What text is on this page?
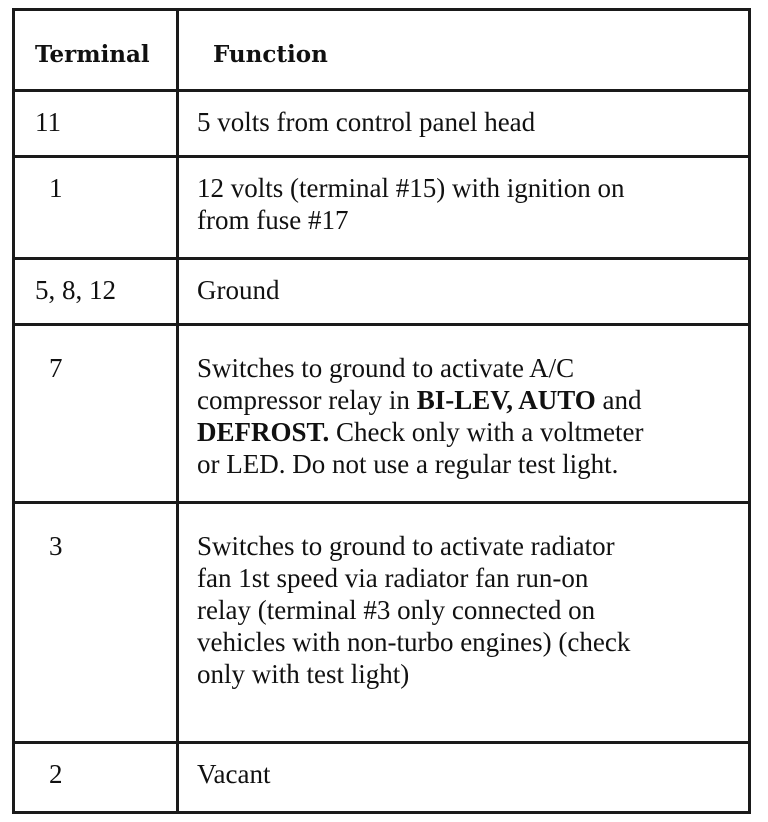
Terminal	Function
11	5 volts from control panel head

1	12 volts (terminal #15) with ignition on
from fuse #17

5, 8, 12	Ground

7	Switches to ground to activate A/C
compressor relay in BI-LEV, AUTO and
DEFROST. Check only with a voltmeter
or LED. Do not use a regular test light.

3	Switches to ground to activate radiator
fan 1st speed via radiator fan run-on
relay (terminal #3 only connected on
vehicles with non-turbo engines) (check
only with test light)

2	Vacant
